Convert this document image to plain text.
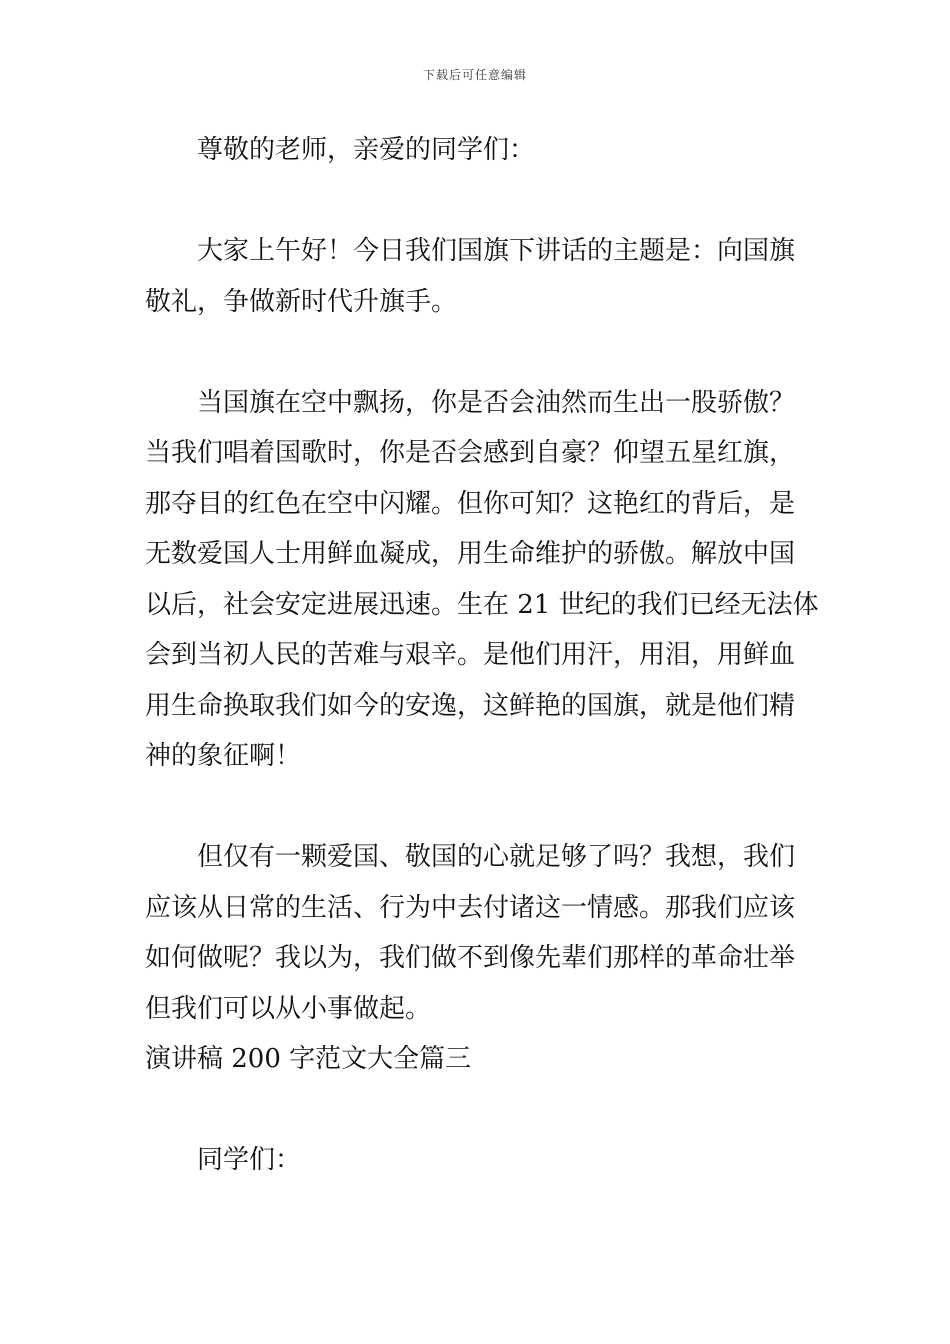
下载后可任意编辑

尊敬的老师，亲爱的同学们：

大家上午好！今日我们国旗下讲话的主题是：向国旗
敬礼，争做新时代升旗手。

当国旗在空中飘扬，你是否会油然而生出一股骄傲？
当我们唱着国歌时，你是否会感到自豪？仰望五星红旗，
那夺目的红色在空中闪耀。但你可知？这艳红的背后，是
无数爱国人士用鲜血凝成，用生命维护的骄傲。解放中国
以后，社会安定进展迅速。生在 21 世纪的我们已经无法体
会到当初人民的苦难与艰辛。是他们用汗，用泪，用鲜血
用生命换取我们如今的安逸，这鲜艳的国旗，就是他们精
神的象征啊！

但仅有一颗爱国、敬国的心就足够了吗？我想，我们
应该从日常的生活、行为中去付诸这一情感。那我们应该
如何做呢？我以为，我们做不到像先辈们那样的革命壮举
但我们可以从小事做起。

演讲稿 200 字范文大全篇三

同学们：
